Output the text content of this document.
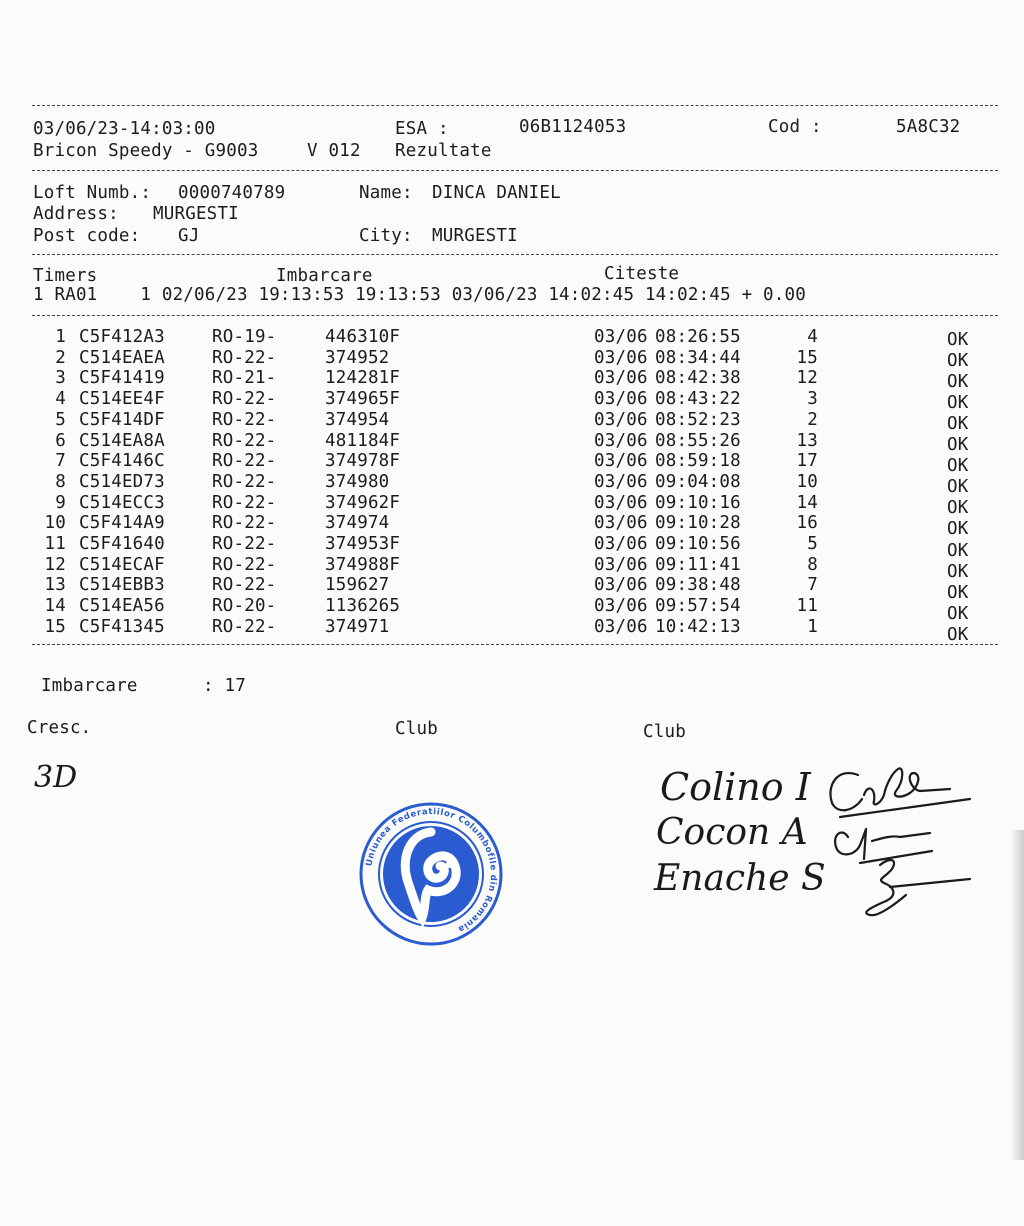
03/06/23-14:03:00	ESA :	06B1124053	Cod :	5A8C32
Bricon Speedy - G9003	V 012 Rezultate
Loft Numb.: 0000740789	Name: DINCA DANIEL
Address: MURGESTI
Post code: GJ	City: MURGESTI
Timers	Imbarcare	Citeste
1 RA01    1 02/06/23 19:13:53 19:13:53 03/06/23 14:02:45 14:02:45 + 0.00
1 C5F412A3	RO-19-	446310F	03/06 08:26:55	4	OK
2 C514EAEA	RO-22-	374952	03/06 08:34:44	15	OK
3 C5F41419	RO-21-	124281F	03/06 08:42:38	12	OK
4 C514EE4F	RO-22-	374965F	03/06 08:43:22	3	OK
5 C5F414DF	RO-22-	374954	03/06 08:52:23	2	OK
6 C514EA8A	RO-22-	481184F	03/06 08:55:26	13	OK
7 C5F4146C	RO-22-	374978F	03/06 08:59:18	17	OK
8 C514ED73	RO-22-	374980	03/06 09:04:08	10	OK
9 C514ECC3	RO-22-	374962F	03/06 09:10:16	14	OK
10 C5F414A9	RO-22-	374974	03/06 09:10:28	16	OK
11 C5F41640	RO-22-	374953F	03/06 09:10:56	5	OK
12 C514ECAF	RO-22-	374988F	03/06 09:11:41	8	OK
13 C514EBB3	RO-22-	159627	03/06 09:38:48	7	OK
14 C514EA56	RO-20-	1136265	03/06 09:57:54	11	OK
15 C5F41345	RO-22-	374971	03/06 10:42:13	1	OK
Imbarcare	: 17
Cresc.	Club	Club
3D	Colino I
Cocon A
Enache S
Uniunea Federatiilor Columbofile din Romania
